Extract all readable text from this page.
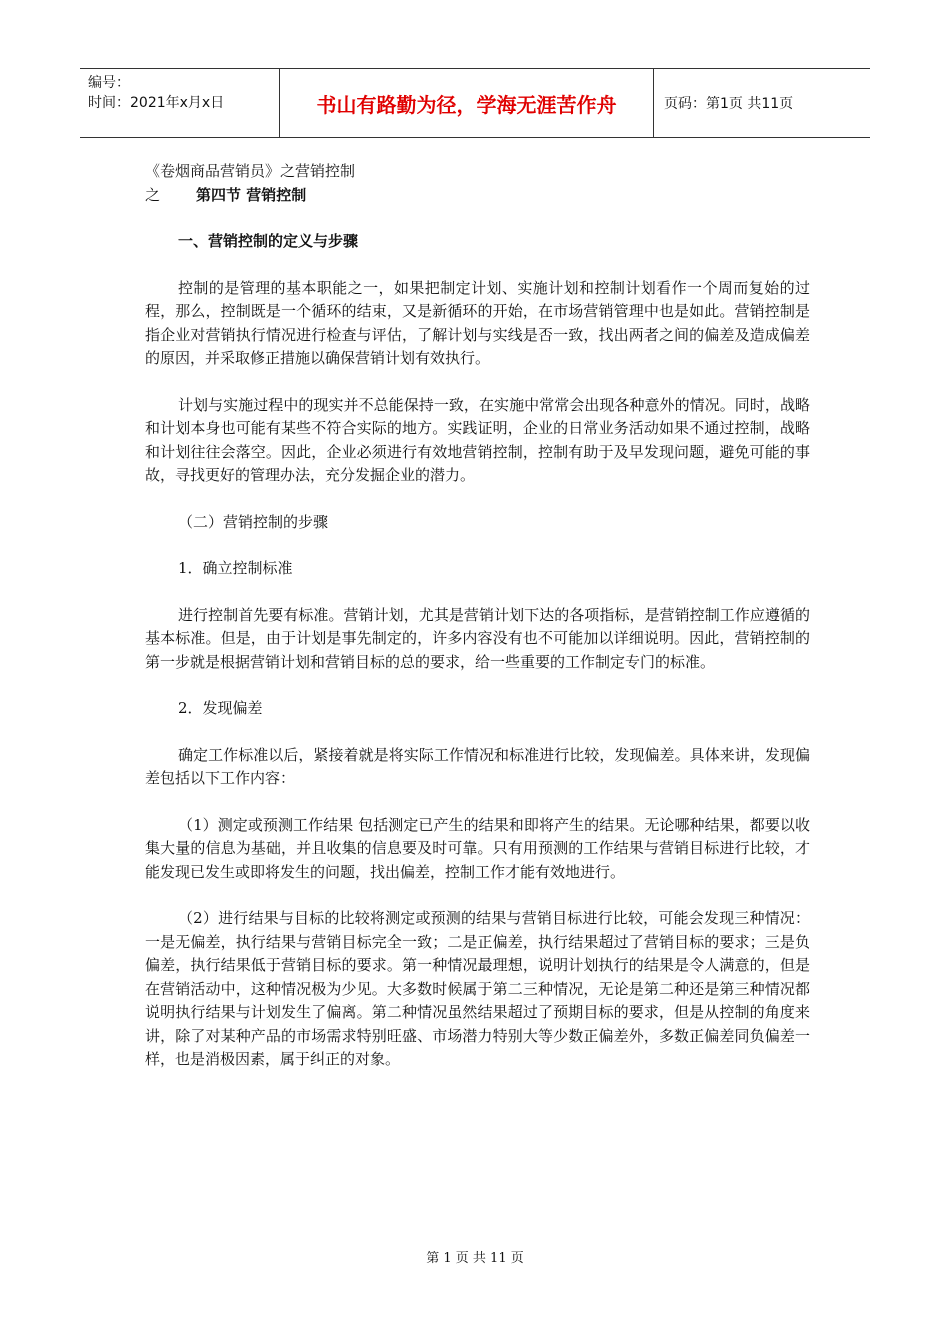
编号：
时间：2021年x月x日	书山有路勤为径，学海无涯苦作舟	页码：第1页 共11页

《卷烟商品营销员》之营销控制

之 第四节 营销控制

一、营销控制的定义与步骤

控制的是管理的基本职能之一，如果把制定计划、实施计划和控制计划看作一个周而复始的过程，那么，控制既是一个循环的结束，又是新循环的开始，在市场营销管理中也是如此。营销控制是指企业对营销执行情况进行检查与评估，了解计划与实线是否一致，找出两者之间的偏差及造成偏差的原因，并采取修正措施以确保营销计划有效执行。

计划与实施过程中的现实并不总能保持一致，在实施中常常会出现各种意外的情况。同时，战略和计划本身也可能有某些不符合实际的地方。实践证明，企业的日常业务活动如果不通过控制，战略和计划往往会落空。因此，企业必须进行有效地营销控制，控制有助于及早发现问题，避免可能的事故，寻找更好的管理办法，充分发掘企业的潜力。

（二）营销控制的步骤

1．确立控制标准

进行控制首先要有标准。营销计划，尤其是营销计划下达的各项指标，是营销控制工作应遵循的基本标准。但是，由于计划是事先制定的，许多内容没有也不可能加以详细说明。因此，营销控制的第一步就是根据营销计划和营销目标的总的要求，给一些重要的工作制定专门的标准。

2．发现偏差

确定工作标准以后，紧接着就是将实际工作情况和标准进行比较，发现偏差。具体来讲，发现偏差包括以下工作内容：

（1）测定或预测工作结果 包括测定已产生的结果和即将产生的结果。无论哪种结果，都要以收集大量的信息为基础，并且收集的信息要及时可靠。只有用预测的工作结果与营销目标进行比较，才能发现已发生或即将发生的问题，找出偏差，控制工作才能有效地进行。

（2）进行结果与目标的比较将测定或预测的结果与营销目标进行比较，可能会发现三种情况：一是无偏差，执行结果与营销目标完全一致；二是正偏差，执行结果超过了营销目标的要求；三是负偏差，执行结果低于营销目标的要求。第一种情况最理想，说明计划执行的结果是令人满意的，但是在营销活动中，这种情况极为少见。大多数时候属于第二三种情况，无论是第二种还是第三种情况都说明执行结果与计划发生了偏离。第二种情况虽然结果超过了预期目标的要求，但是从控制的角度来讲，除了对某种产品的市场需求特别旺盛、市场潜力特别大等少数正偏差外，多数正偏差同负偏差一样，也是消极因素，属于纠正的对象。

第 1 页 共 11 页
